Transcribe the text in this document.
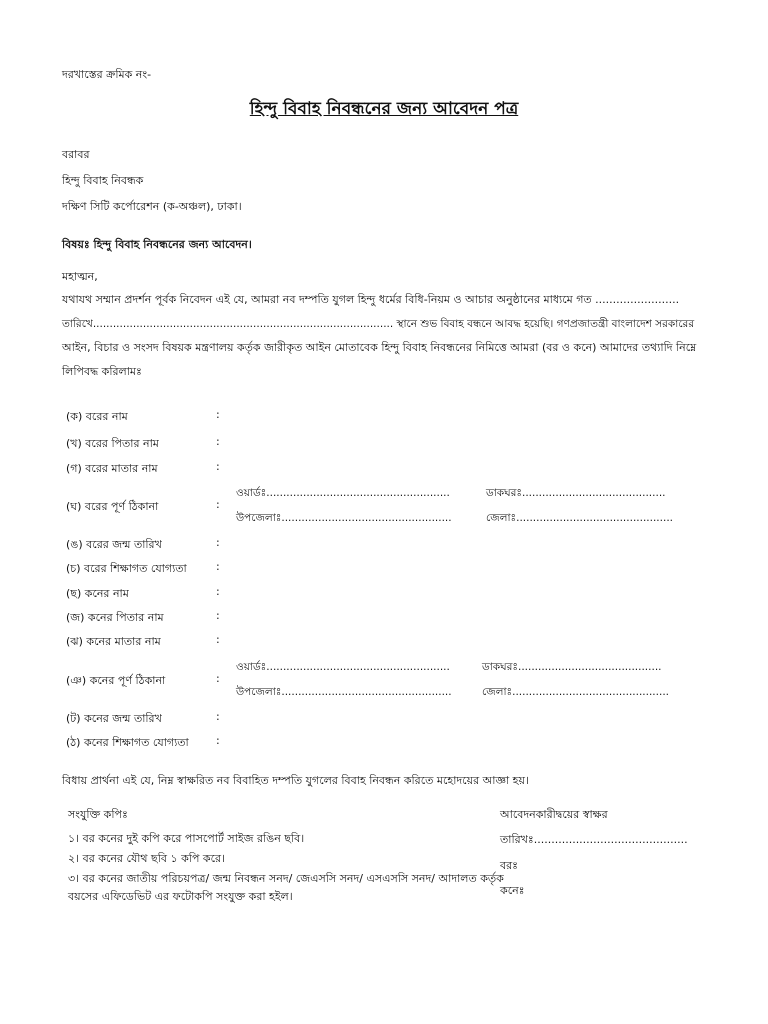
দরখাস্তের ক্রমিক নং-
হিন্দু বিবাহ নিবন্ধনের জন্য আবেদন পত্র
বরাবর
হিন্দু বিবাহ নিবন্ধক
দক্ষিণ সিটি কর্পোরেশন (ক-অঞ্চল), ঢাকা।
বিষয়ঃ হিন্দু বিবাহ নিবন্ধনের জন্য আবেদন।
মহাত্মন,
যথাযথ সম্মান প্রদর্শন পূর্বক নিবেদন এই যে, আমরা নব দম্পতি যুগল হিন্দু ধর্মের বিধি-নিয়ম ও আচার অনুষ্ঠানের মাধ্যমে গত ........................
তারিখে.......................................................................................... স্থানে শুভ বিবাহ বন্ধনে আবদ্ধ হয়েছি। গণপ্রজাতন্ত্রী বাংলাদেশ সরকারের
আইন, বিচার ও সংসদ বিষয়ক মন্ত্রণালয় কর্তৃক জারীকৃত আইন মোতাবেক হিন্দু বিবাহ নিবন্ধনের নিমিত্তে আমরা (বর ও কনে) আমাদের তথ্যাদি নিম্নে
লিপিবদ্ধ করিলামঃ
(ক) বরের নাম	:
(খ) বরের পিতার নাম	:
(গ) বরের মাতার নাম	:
(ঘ) বরের পূর্ণ ঠিকানা	:
ওয়ার্ডঃ.......................................................	ডাকঘরঃ...........................................
উপজেলাঃ...................................................	জেলাঃ...............................................
(ঙ) বরের জন্ম তারিখ	:
(চ) বরের শিক্ষাগত যোগ্যতা	:
(ছ) কনের নাম	:
(জ) কনের পিতার নাম	:
(ঝ) কনের মাতার নাম	:
(ঞ) কনের পূর্ণ ঠিকানা	:
ওয়ার্ডঃ.......................................................	ডাকঘরঃ...........................................
উপজেলাঃ...................................................	জেলাঃ...............................................
(ট) কনের জন্ম তারিখ	:
(ঠ) কনের শিক্ষাগত যোগ্যতা :
বিধায় প্রার্থনা এই যে, নিম্ন স্বাক্ষরিত নব বিবাহিত দম্পতি যুগলের বিবাহ নিবন্ধন করিতে মহোদয়ের আজ্ঞা হয়।
সংযুক্তি কপিঃ
১। বর কনের দুই কপি করে পাসপোর্ট সাইজ রঙিন ছবি।
২। বর কনের যৌথ ছবি ১ কপি করে।
৩। বর কনের জাতীয় পরিচয়পত্র/ জন্ম নিবন্ধন সনদ/ জেএসসি সনদ/ এসএসসি সনদ/ আদালত কর্তৃক
বয়সের এফিডেভিট এর ফটোকপি সংযুক্ত করা হইল।
আবেদনকারীদ্বয়ের স্বাক্ষর
তারিখঃ............................................
বরঃ
কনেঃ
